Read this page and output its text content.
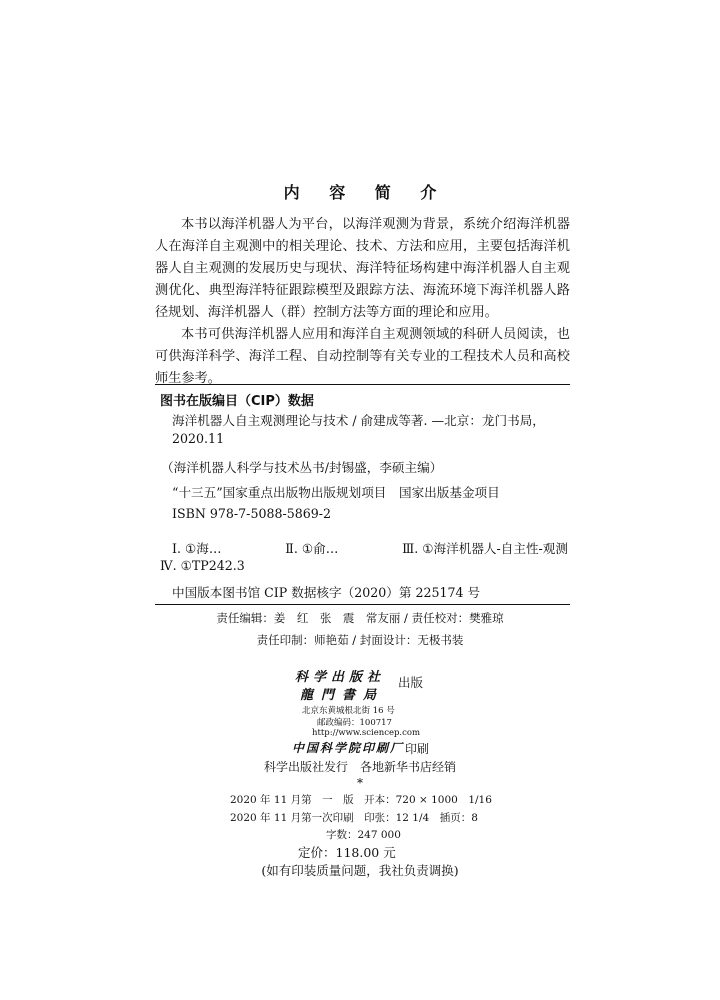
内 容 简 介

本书以海洋机器人为平台，以海洋观测为背景，系统介绍海洋机器人在海洋自主观测中的相关理论、技术、方法和应用，主要包括海洋机器人自主观测的发展历史与现状、海洋特征场构建中海洋机器人自主观测优化、典型海洋特征跟踪模型及跟踪方法、海流环境下海洋机器人路径规划、海洋机器人（群）控制方法等方面的理论和应用。

本书可供海洋机器人应用和海洋自主观测领域的科研人员阅读，也可供海洋科学、海洋工程、自动控制等有关专业的工程技术人员和高校师生参考。

图书在版编目（CIP）数据
海洋机器人自主观测理论与技术 / 俞建成等著. —北京：龙门书局，
2020.11
（海洋机器人科学与技术丛书/封锡盛，李硕主编）
“十三五”国家重点出版物出版规划项目　国家出版基金项目
ISBN 978-7-5088-5869-2
Ⅰ. ①海…	Ⅱ. ①俞…	Ⅲ. ①海洋机器人-自主性-观测
Ⅳ. ①TP242.3
中国版本图书馆 CIP 数据核字（2020）第 225174 号
责任编辑：姜　红　张　震　常友丽 / 责任校对：樊雅琼
责任印制：师艳茹 / 封面设计：无极书装
科学出版社 出版
龍門書局
北京东黄城根北街 16 号
邮政编码：100717
http://www.sciencep.com
中国科学院印刷厂 印刷
科学出版社发行　各地新华书店经销
*
2020 年 11 月第　一　版　开本：720 × 1000　1/16
2020 年 11 月第一次印刷　印张：12 1/4　插页：8
字数：247 000
定价：118.00 元
(如有印装质量问题，我社负责调换)
